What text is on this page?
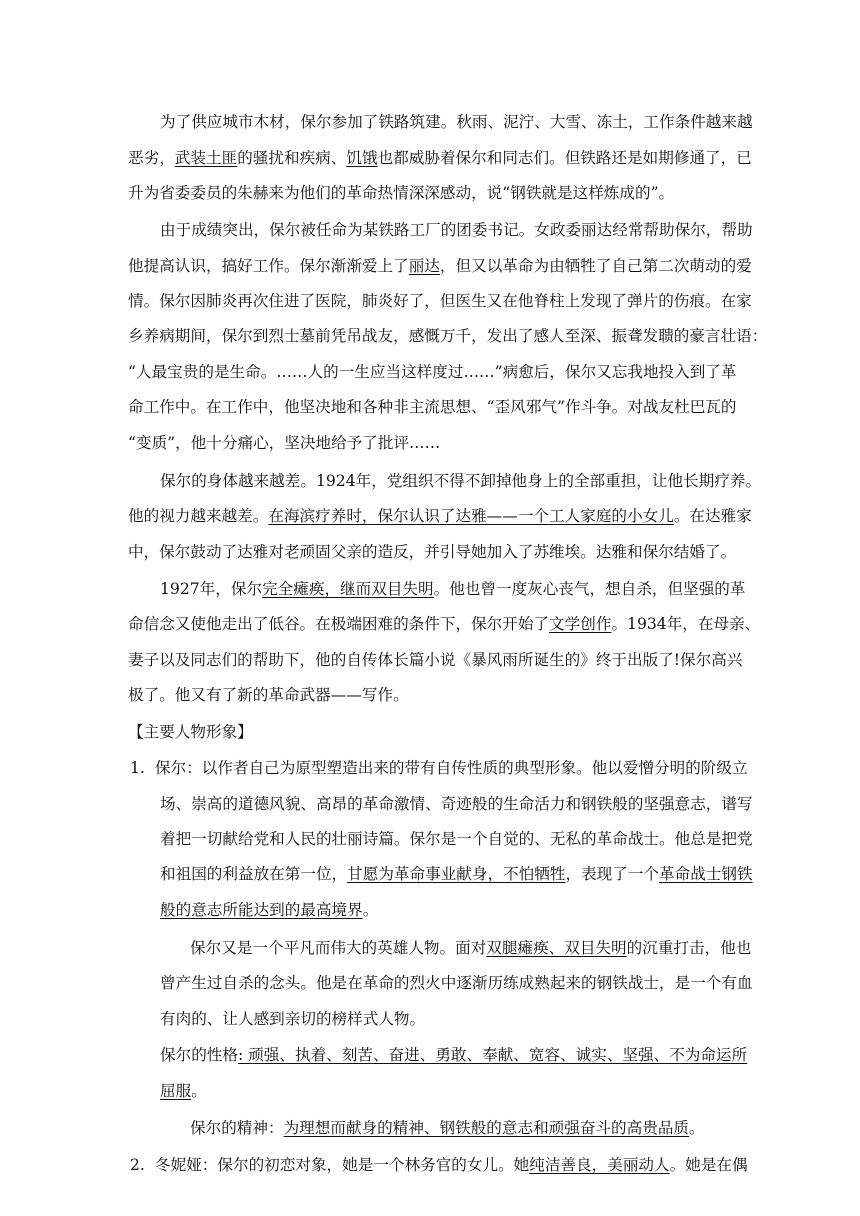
为了供应城市木材，保尔参加了铁路筑建。秋雨、泥泞、大雪、冻土，工作条件越来越

恶劣，武装土匪的骚扰和疾病、饥饿也都威胁着保尔和同志们。但铁路还是如期修通了，已

升为省委委员的朱赫来为他们的革命热情深深感动，说“钢铁就是这样炼成的”。

由于成绩突出，保尔被任命为某铁路工厂的团委书记。女政委丽达经常帮助保尔，帮助

他提高认识，搞好工作。保尔渐渐爱上了丽达，但又以革命为由牺牲了自己第二次萌动的爱

情。保尔因肺炎再次住进了医院，肺炎好了，但医生又在他脊柱上发现了弹片的伤痕。在家

乡养病期间，保尔到烈士墓前凭吊战友，感慨万千，发出了感人至深、振聋发聩的豪言壮语：

“人最宝贵的是生命。……人的一生应当这样度过……”病愈后，保尔又忘我地投入到了革

命工作中。在工作中，他坚决地和各种非主流思想、“歪风邪气”作斗争。对战友杜巴瓦的

“变质”，他十分痛心，坚决地给予了批评……

保尔的身体越来越差。1924年，党组织不得不卸掉他身上的全部重担，让他长期疗养。

他的视力越来越差。在海滨疗养时，保尔认识了达雅——一个工人家庭的小女儿。在达雅家

中，保尔鼓动了达雅对老顽固父亲的造反，并引导她加入了苏维埃。达雅和保尔结婚了。

1927年，保尔完全瘫痪，继而双目失明。他也曾一度灰心丧气，想自杀，但坚强的革

命信念又使他走出了低谷。在极端困难的条件下，保尔开始了文学创作。1934年，在母亲、

妻子以及同志们的帮助下，他的自传体长篇小说《暴风雨所诞生的》终于出版了!保尔高兴

极了。他又有了新的革命武器——写作。

【主要人物形象】

1. 保尔：以作者自己为原型塑造出来的带有自传性质的典型形象。他以爱憎分明的阶级立

场、崇高的道德风貌、高昂的革命激情、奇迹般的生命活力和钢铁般的坚强意志，谱写

着把一切献给党和人民的壮丽诗篇。保尔是一个自觉的、无私的革命战士。他总是把党

和祖国的利益放在第一位，甘愿为革命事业献身，不怕牺牲，表现了一个革命战士钢铁

般的意志所能达到的最高境界。

保尔又是一个平凡而伟大的英雄人物。面对双腿瘫痪、双目失明的沉重打击，他也

曾产生过自杀的念头。他是在革命的烈火中逐渐历练成熟起来的钢铁战士，是一个有血

有肉的、让人感到亲切的榜样式人物。

保尔的性格: 顽强、执着、刻苦、奋进、勇敢、奉献、宽容、诚实、坚强、不为命运所

屈服。

保尔的精神：为理想而献身的精神、钢铁般的意志和顽强奋斗的高贵品质。

2. 冬妮娅：保尔的初恋对象，她是一个林务官的女儿。她纯洁善良，美丽动人。她是在偶
